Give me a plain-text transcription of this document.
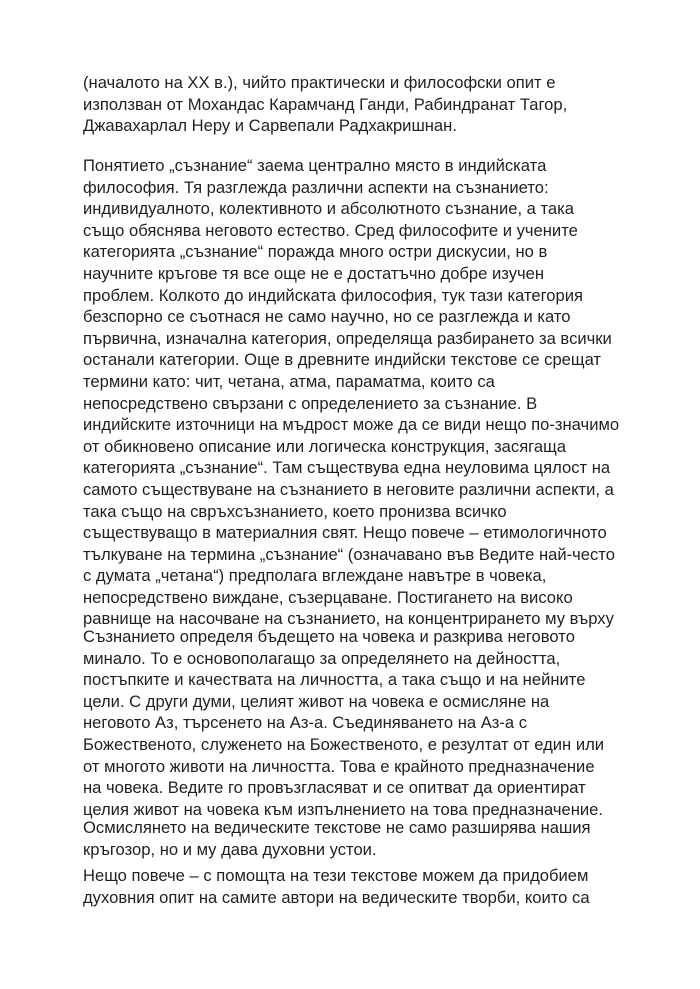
(началото на ХХ в.), чийто практически и философски опит е
използван от Мохандас Карамчанд Ганди, Рабиндранат Тагор,
Джавахарлал Неру и Сарвепали Радхакришнан.
Понятието „съзнание“ заема централно място в индийската
философия. Тя разглежда различни аспекти на съзнанието:
индивидуалното, колективното и абсолютното съзнание, а така
също обяснява неговото естество. Сред философите и учените
категорията „съзнание“ поражда много остри дискусии, но в
научните кръгове тя все още не е достатъчно добре изучен
проблем. Колкото до индийската философия, тук тази категория
безспорно се съотнася не само научно, но се разглежда и като
първична, изначална категория, определяща разбирането за всички
останали категории. Още в древните индийски текстове се срещат
термини като: чит, четана, атма, параматма, които са
непосредствено свързани с определението за съзнание. В
индийските източници на мъдрост може да се види нещо по-значимо
от обикновено описание или логическа конструкция, засягаща
категорията „съзнание“. Там съществува една неуловима цялост на
самото съществуване на съзнанието в неговите различни аспекти, а
така също на свръхсъзнанието, което пронизва всичко
съществуващо в материалния свят. Нещо повече – етимологичното
тълкуване на термина „съзнание“ (означавано във Ведите най-често
с думата „четана“) предполага вглеждане навътре в човека,
непосредствено виждане, съзерцаване. Постигането на високо
равнище на насочване на съзнанието, на концентрирането му върху
Съзнанието определя бъдещето на човека и разкрива неговото
минало. То е основополагащо за определянето на дейността,
постъпките и качествата на личността, а така също и на нейните
цели. С други думи, целият живот на човека е осмисляне на
неговото Аз, търсенето на Аз-а. Съединяването на Аз-а с
Божественото, служенето на Божественото, е резултат от един или
от многото животи на личността. Това е крайното предназначение
на човека. Ведите го провъзгласяват и се опитват да ориентират
целия живот на човека към изпълнението на това предназначение.
Осмислянето на ведическите текстове не само разширява нашия
кръгозор, но и му дава духовни устои.
Нещо повече – с помощта на тези текстове можем да придобием
духовния опит на самите автори на ведическите творби, които са
